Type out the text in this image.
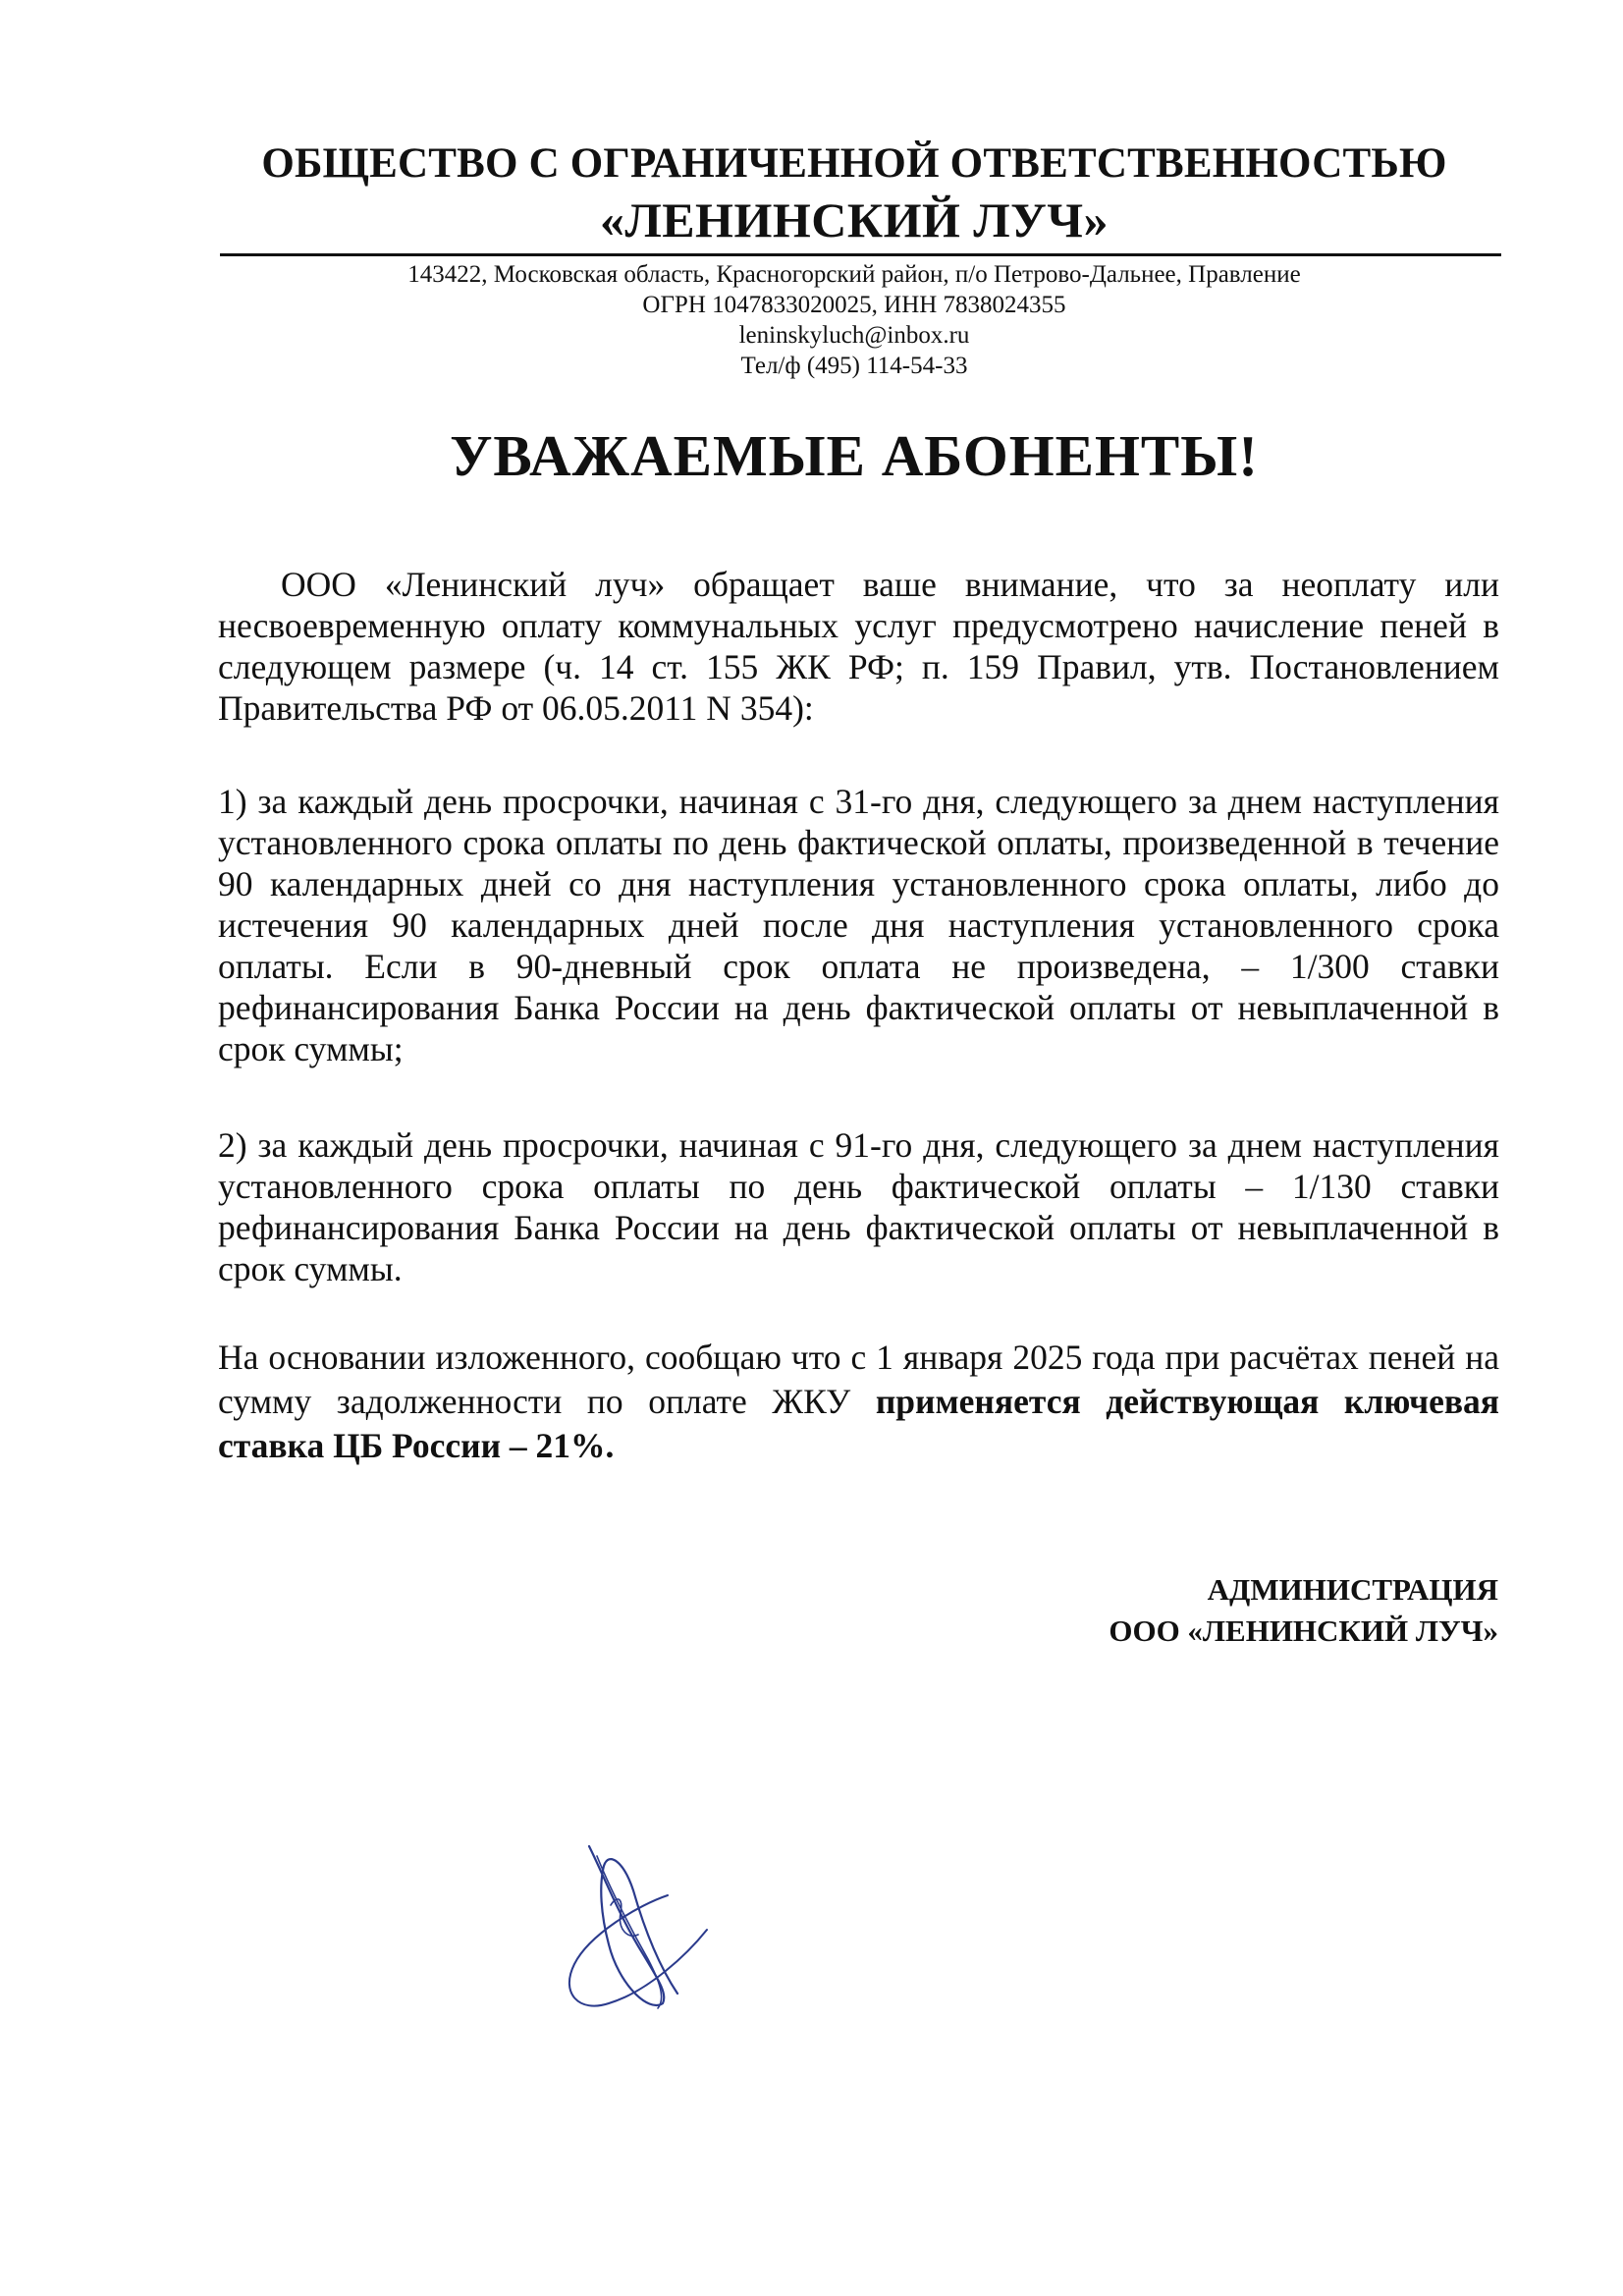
ОБЩЕСТВО С ОГРАНИЧЕННОЙ ОТВЕТСТВЕННОСТЬЮ
«ЛЕНИНСКИЙ ЛУЧ»
143422, Московская область, Красногорский район, п/о Петрово-Дальнее, Правление
ОГРН 1047833020025, ИНН 7838024355
leninskyluch@inbox.ru
Тел/ф (495) 114-54-33
УВАЖАЕМЫЕ АБОНЕНТЫ!
ООО «Ленинский луч» обращает ваше внимание, что за неоплату или несвоевременную оплату коммунальных услуг предусмотрено начисление пеней в следующем размере (ч. 14 ст. 155 ЖК РФ; п. 159 Правил, утв. Постановлением Правительства РФ от 06.05.2011 N 354):
1) за каждый день просрочки, начиная с 31-го дня, следующего за днем наступления установленного срока оплаты по день фактической оплаты, произведенной в течение 90 календарных дней со дня наступления установленного срока оплаты, либо до истечения 90 календарных дней после дня наступления установленного срока оплаты. Если в 90-дневный срок оплата не произведена, – 1/300 ставки рефинансирования Банка России на день фактической оплаты от невыплаченной в срок суммы;
2) за каждый день просрочки, начиная с 91-го дня, следующего за днем наступления установленного срока оплаты по день фактической оплаты – 1/130 ставки рефинансирования Банка России на день фактической оплаты от невыплаченной в срок суммы.
На основании изложенного, сообщаю что с 1 января 2025 года при расчётах пеней на сумму задолженности по оплате ЖКУ применяется действующая ключевая ставка ЦБ России – 21%.
АДМИНИСТРАЦИЯ
ООО «ЛЕНИНСКИЙ ЛУЧ»
